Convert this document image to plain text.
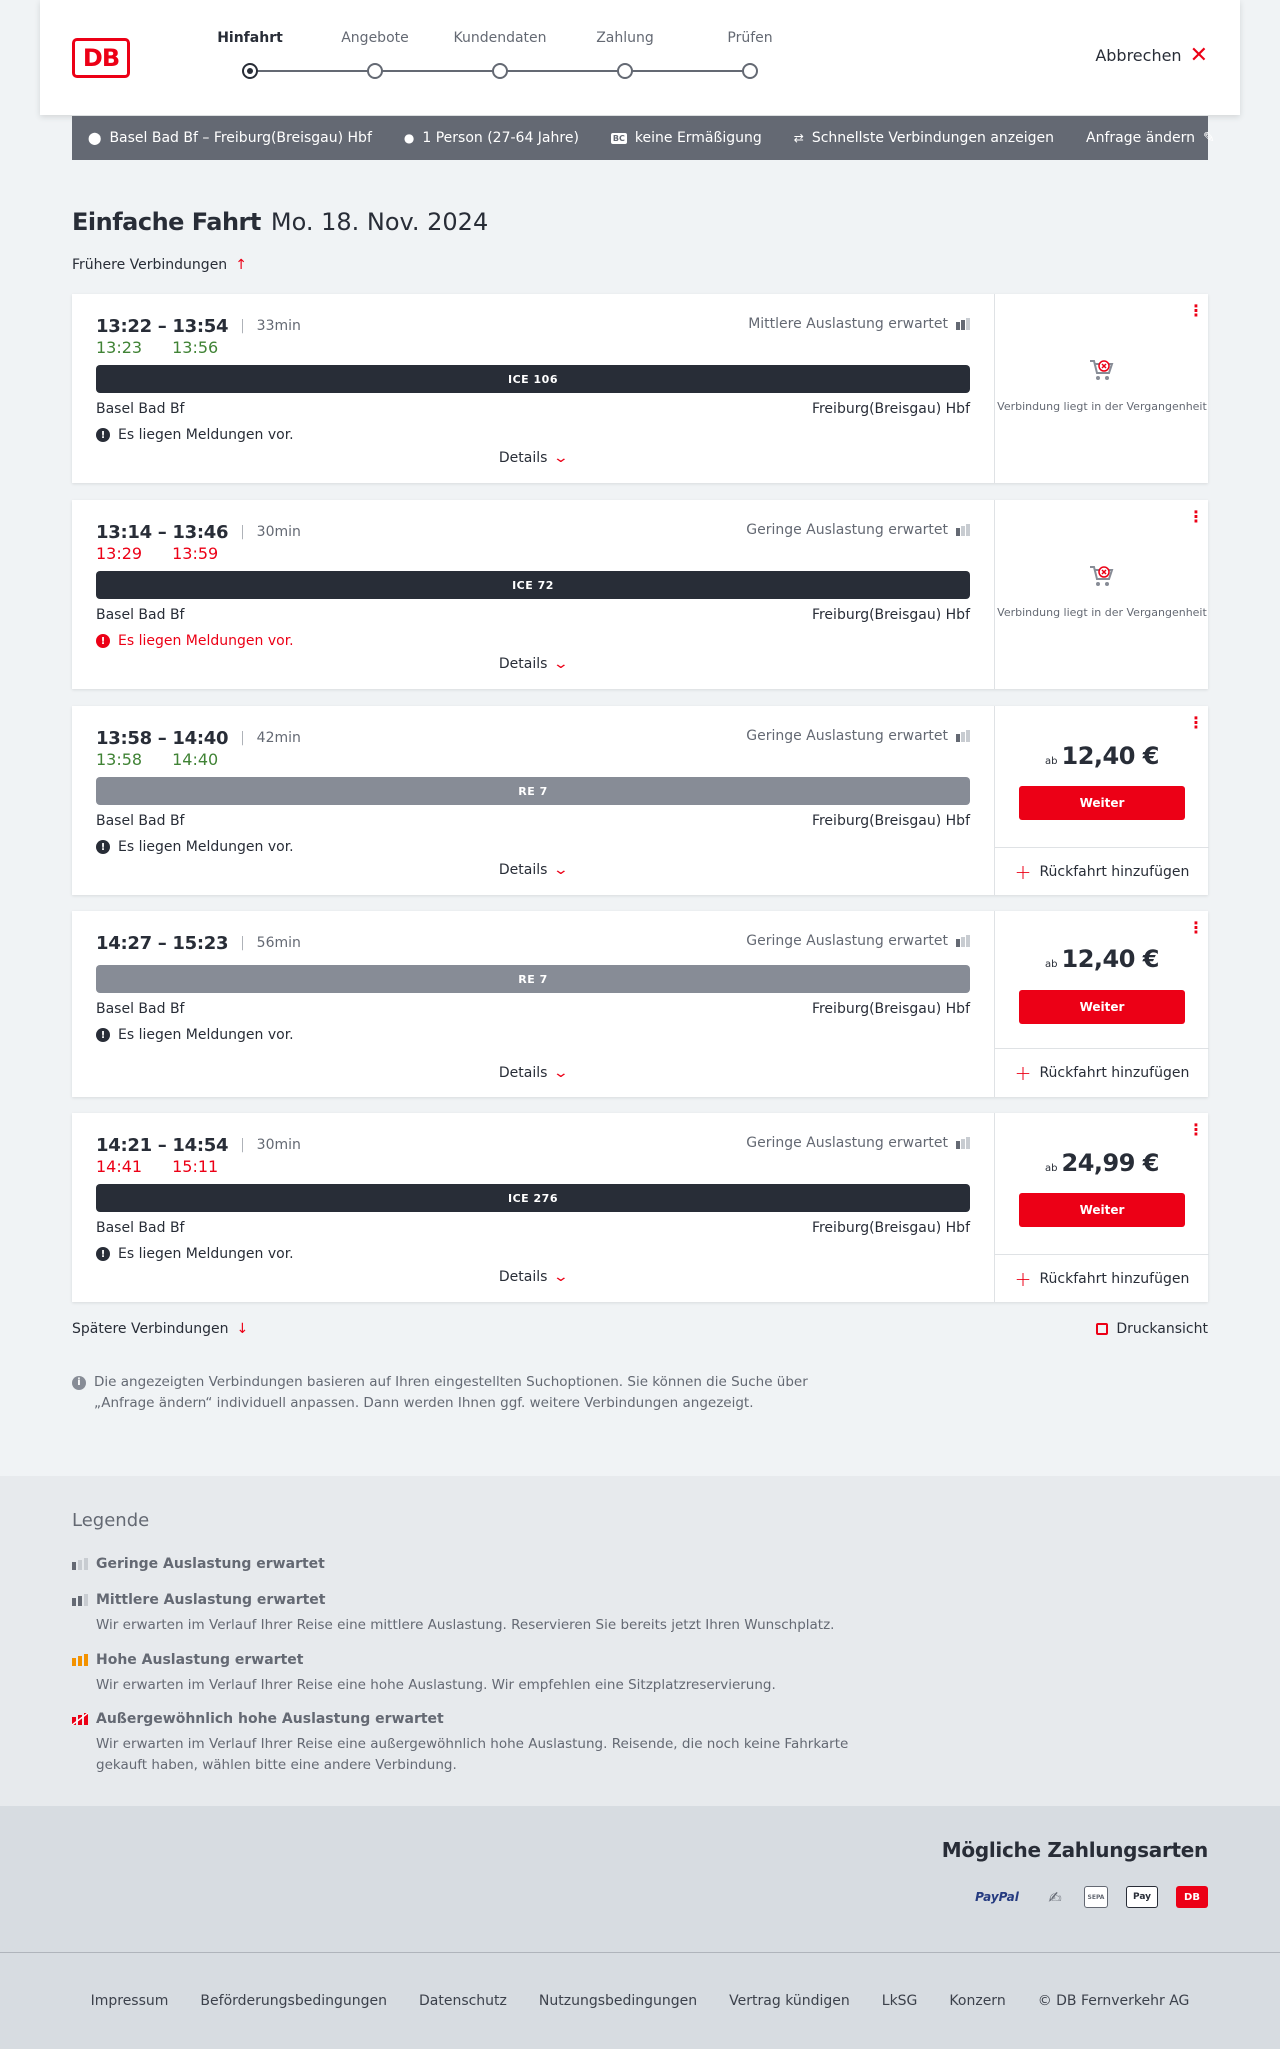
DB
Hinfahrt	Angebote	Kundendaten	Zahlung	Prüfen
Abbrechen ✕
⬤ Basel Bad Bf – Freiburg(Breisgau) Hbf	● 1 Person (27-64 Jahre)	BC keine Ermäßigung	⇄ Schnellste Verbindungen anzeigen Anfrage ändern ✎
Einfache Fahrt Mo. 18. Nov. 2024
Frühere Verbindungen ↑
13:22 – 13:54 | 33min	Mittlere Auslastung erwartet
13:23 13:56
ICE 106
Basel Bad Bf	Freiburg(Breisgau) Hbf
! Es liegen Meldungen vor.
Details ⌄
⋮
Verbindung liegt in der Vergangenheit
13:14 – 13:46 | 30min	Geringe Auslastung erwartet
13:29 13:59
ICE 72
Basel Bad Bf	Freiburg(Breisgau) Hbf
! Es liegen Meldungen vor.
Details ⌄
⋮
Verbindung liegt in der Vergangenheit
13:58 – 14:40 | 42min	Geringe Auslastung erwartet
13:58 14:40
RE 7
Basel Bad Bf	Freiburg(Breisgau) Hbf
! Es liegen Meldungen vor.
Details ⌄
⋮
ab 12,40 €
Weiter
+ Rückfahrt hinzufügen
14:27 – 15:23 | 56min	Geringe Auslastung erwartet
RE 7
Basel Bad Bf	Freiburg(Breisgau) Hbf
! Es liegen Meldungen vor.
Details ⌄
⋮
ab 12,40 €
Weiter
+ Rückfahrt hinzufügen
14:21 – 14:54 | 30min	Geringe Auslastung erwartet
14:41 15:11
ICE 276
Basel Bad Bf	Freiburg(Breisgau) Hbf
! Es liegen Meldungen vor.
Details ⌄
⋮
ab 24,99 €
Weiter
+ Rückfahrt hinzufügen
Spätere Verbindungen ↓	Druckansicht
i Die angezeigten Verbindungen basieren auf Ihren eingestellten Suchoptionen. Sie können die Suche über „Anfrage ändern“ individuell anpassen. Dann werden Ihnen ggf. weitere Verbindungen angezeigt.
Legende
Geringe Auslastung erwartet
Mittlere Auslastung erwartet
Wir erwarten im Verlauf Ihrer Reise eine mittlere Auslastung. Reservieren Sie bereits jetzt Ihren Wunschplatz.
Hohe Auslastung erwartet
Wir erwarten im Verlauf Ihrer Reise eine hohe Auslastung. Wir empfehlen eine Sitzplatzreservierung.
Außergewöhnlich hohe Auslastung erwartet
Wir erwarten im Verlauf Ihrer Reise eine außergewöhnlich hohe Auslastung. Reisende, die noch keine Fahrkarte gekauft haben, wählen bitte eine andere Verbindung.
Mögliche Zahlungsarten
PayPal	✍	SEPA	Pay	DB
Impressum Beförderungsbedingungen Datenschutz Nutzungsbedingungen Vertrag kündigen LkSG Konzern © DB Fernverkehr AG
